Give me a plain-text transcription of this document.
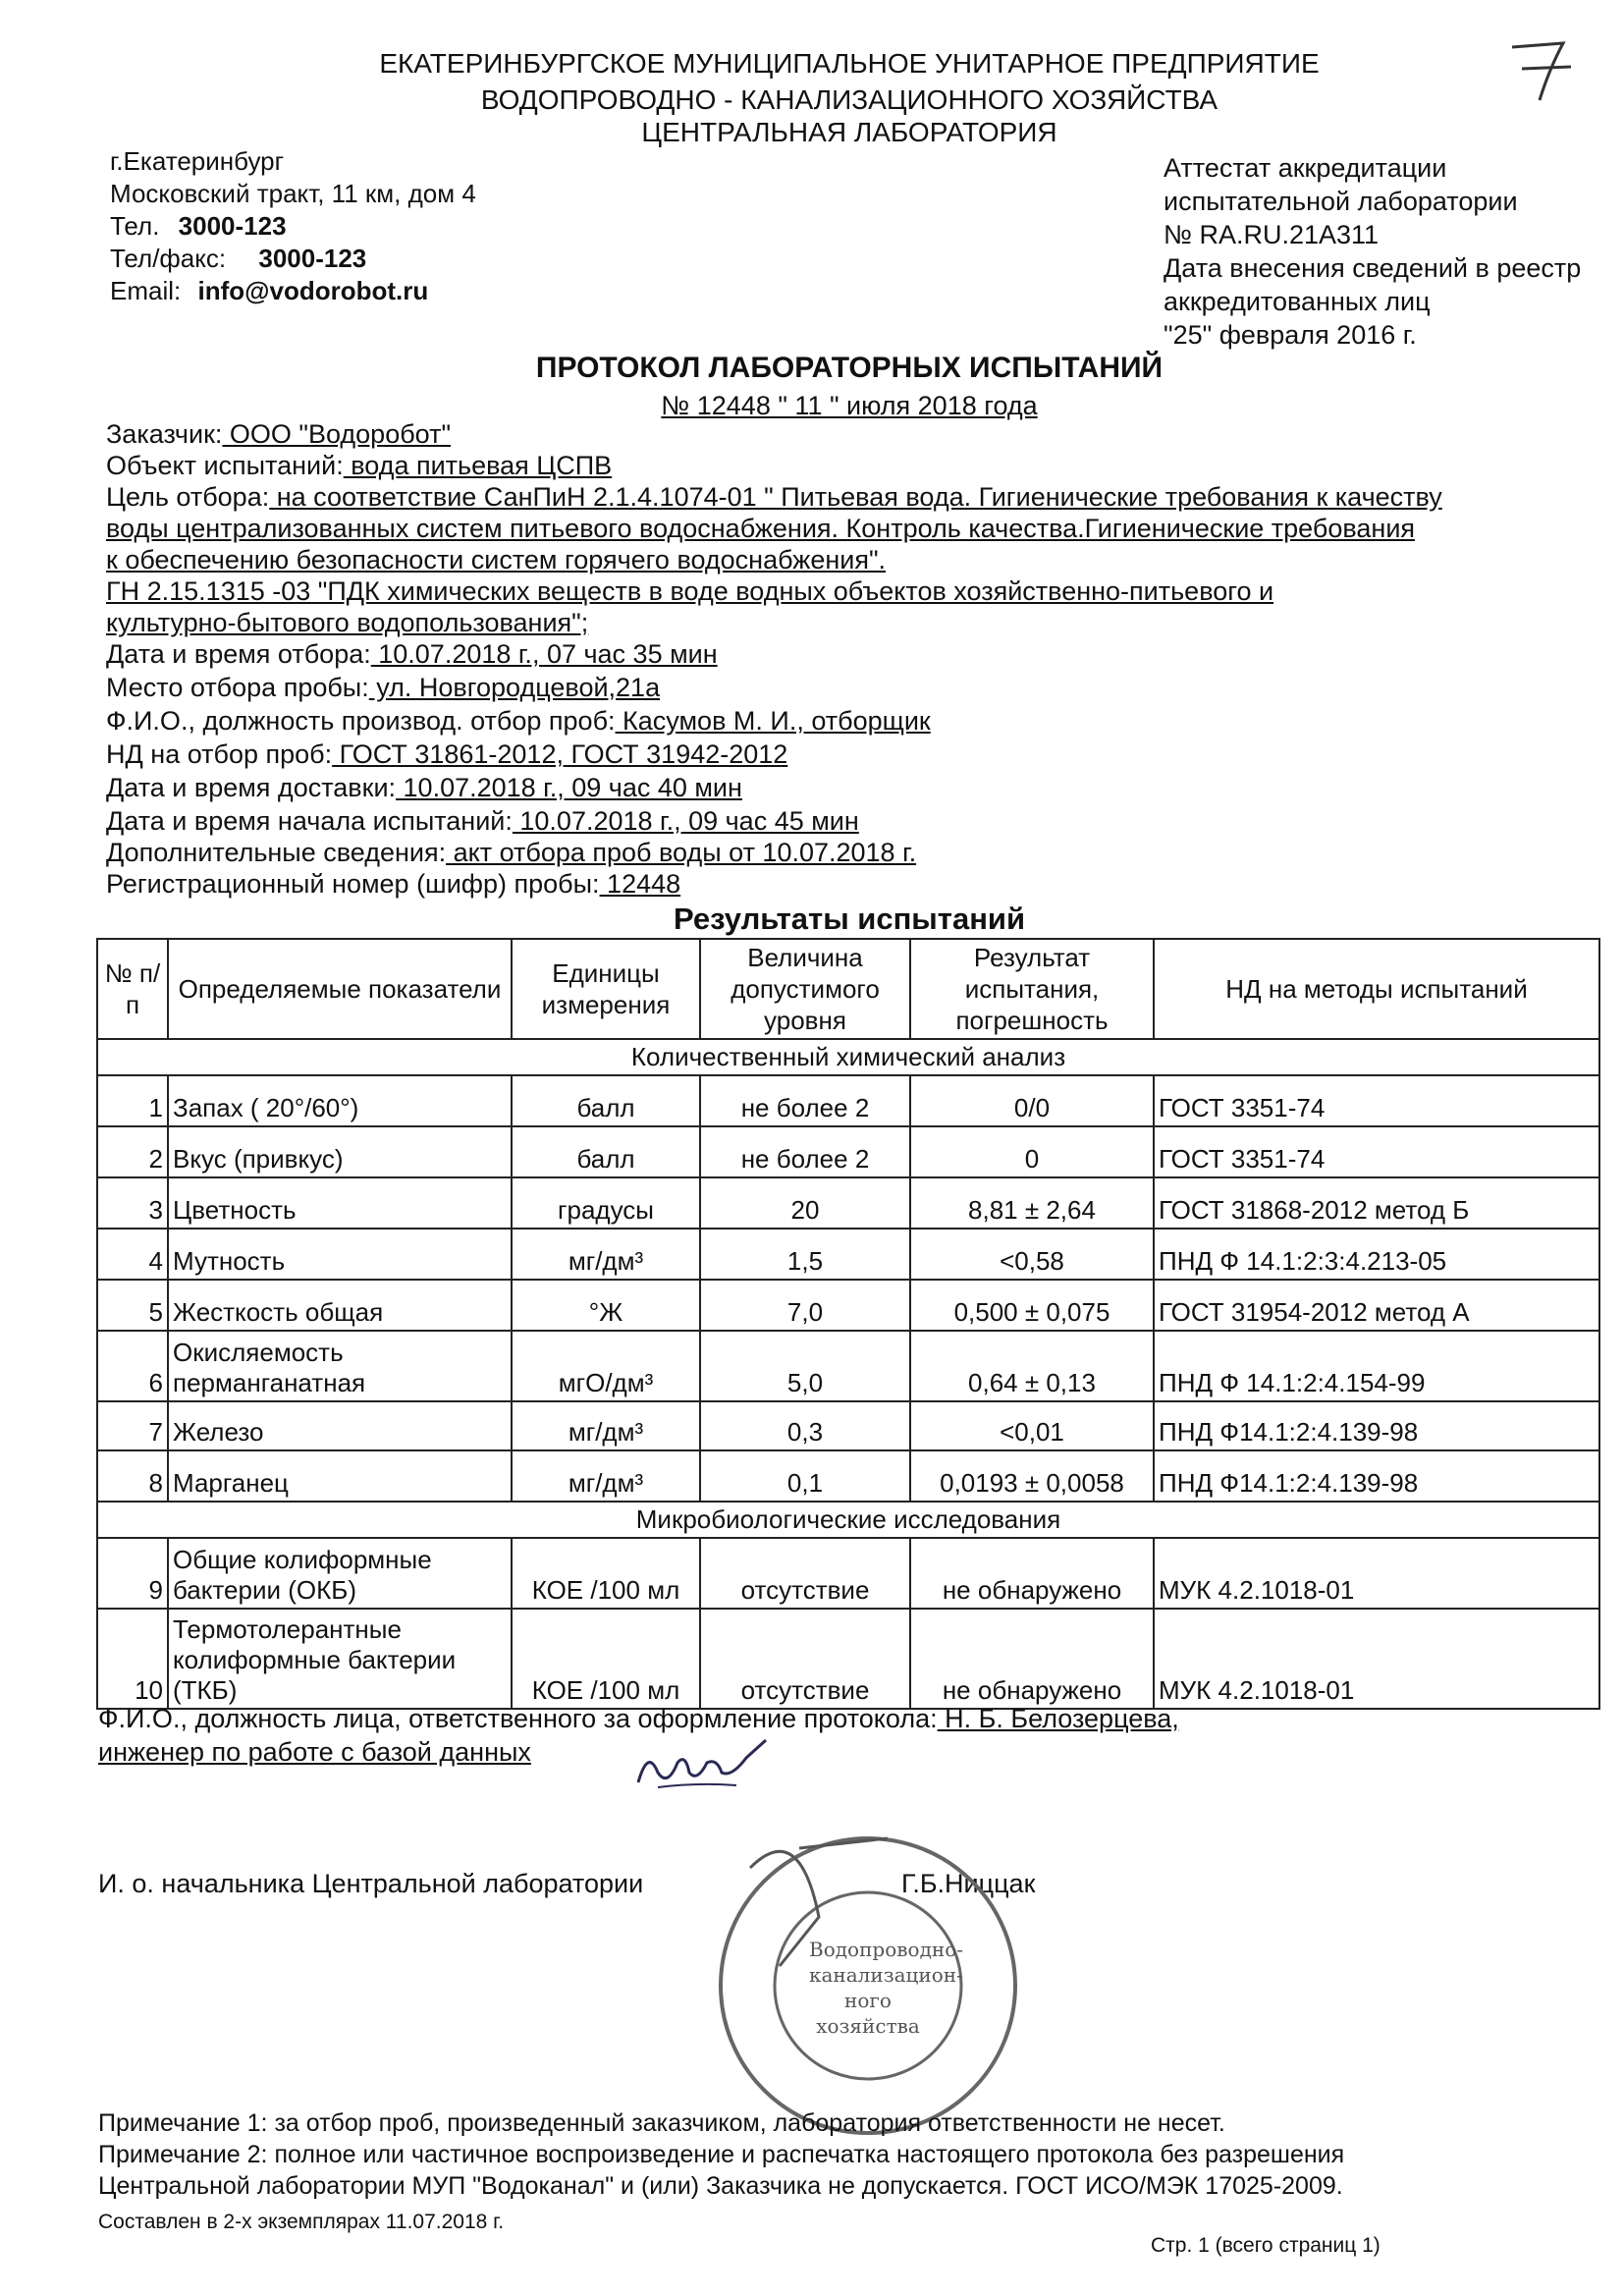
ЕКАТЕРИНБУРГСКОЕ МУНИЦИПАЛЬНОЕ УНИТАРНОЕ ПРЕДПРИЯТИЕ
ВОДОПРОВОДНО - КАНАЛИЗАЦИОННОГО ХОЗЯЙСТВА
ЦЕНТРАЛЬНАЯ ЛАБОРАТОРИЯ
г.Екатеринбург
Московский тракт, 11 км, дом 4
Тел. 3000-123
Тел/факс: 3000-123
Email: info@vodorobot.ru
Аттестат аккредитации
испытательной лаборатории
№ RA.RU.21A311
Дата внесения сведений в реестр
аккредитованных лиц
"25" февраля 2016 г.
ПРОТОКОЛ ЛАБОРАТОРНЫХ ИСПЫТАНИЙ
№ 12448 " 11 " июля 2018 года
Заказчик: ООО "Водоробот"
Объект испытаний: вода питьевая ЦСПВ
Цель отбора: на соответствие СанПиН 2.1.4.1074-01 " Питьевая вода. Гигиенические требования к качеству
воды централизованных систем питьевого водоснабжения. Контроль качества.Гигиенические требования
к обеспечению безопасности систем горячего водоснабжения".
ГН 2.15.1315 -03 "ПДК химических веществ в воде водных объектов хозяйственно-питьевого и
культурно-бытового водопользования";
Дата и время отбора: 10.07.2018 г., 07 час 35 мин
Место отбора пробы: ул. Новгородцевой,21а
Ф.И.О., должность производ. отбор проб: Касумов М. И., отборщик
НД на отбор проб: ГОСТ 31861-2012, ГОСТ 31942-2012
Дата и время доставки: 10.07.2018 г., 09 час 40 мин
Дата и время начала испытаний: 10.07.2018 г., 09 час 45 мин
Дополнительные сведения: акт отбора проб воды от 10.07.2018 г.
Регистрационный номер (шифр) пробы: 12448
Результаты испытаний
№ п/п	Определяемые показатели	Единицы измерения	Величина допустимого уровня	Результат испытания, погрешность	НД на методы испытаний
Количественный химический анализ					
1	Запах ( 20°/60°)	балл	не более 2	0/0	ГОСТ 3351-74
2	Вкус (привкус)	балл	не более 2	0	ГОСТ 3351-74
3	Цветность	градусы	20	8,81 ± 2,64	ГОСТ 31868-2012 метод Б
4	Мутность	мг/дм³	1,5	<0,58	ПНД Ф 14.1:2:3:4.213-05
5	Жесткость общая	°Ж	7,0	0,500 ± 0,075	ГОСТ 31954-2012 метод А
6	Окисляемость
перманганатная	мгО/дм³	5,0	0,64 ± 0,13	ПНД Ф 14.1:2:4.154-99
7	Железо	мг/дм³	0,3	<0,01	ПНД Ф14.1:2:4.139-98
8	Марганец	мг/дм³	0,1	0,0193 ± 0,0058	ПНД Ф14.1:2:4.139-98
Микробиологические исследования					
9	Общие колиформные
бактерии (ОКБ)	КОЕ /100 мл	отсутствие	не обнаружено	МУК 4.2.1018-01
10	Термотолерантные
колиформные бактерии
(ТКБ)	КОЕ /100 мл	отсутствие	не обнаружено	МУК 4.2.1018-01
Ф.И.О., должность лица, ответственного за оформление протокола: Н. Б. Белозерцева,
инженер по работе с базой данных
И. о. начальника Центральной лаборатории	Г.Б.Ниццак
Водопроводно-
канализацион-
ного
хозяйства
Примечание 1: за отбор проб, произведенный заказчиком, лаборатория ответственности не несет.
Примечание 2: полное или частичное воспроизведение и распечатка настоящего протокола без разрешения
Центральной лаборатории МУП "Водоканал" и (или) Заказчика не допускается. ГОСТ ИСО/МЭК 17025-2009.
Составлен в 2-х экземплярах 11.07.2018 г.
Стр. 1 (всего страниц 1)
